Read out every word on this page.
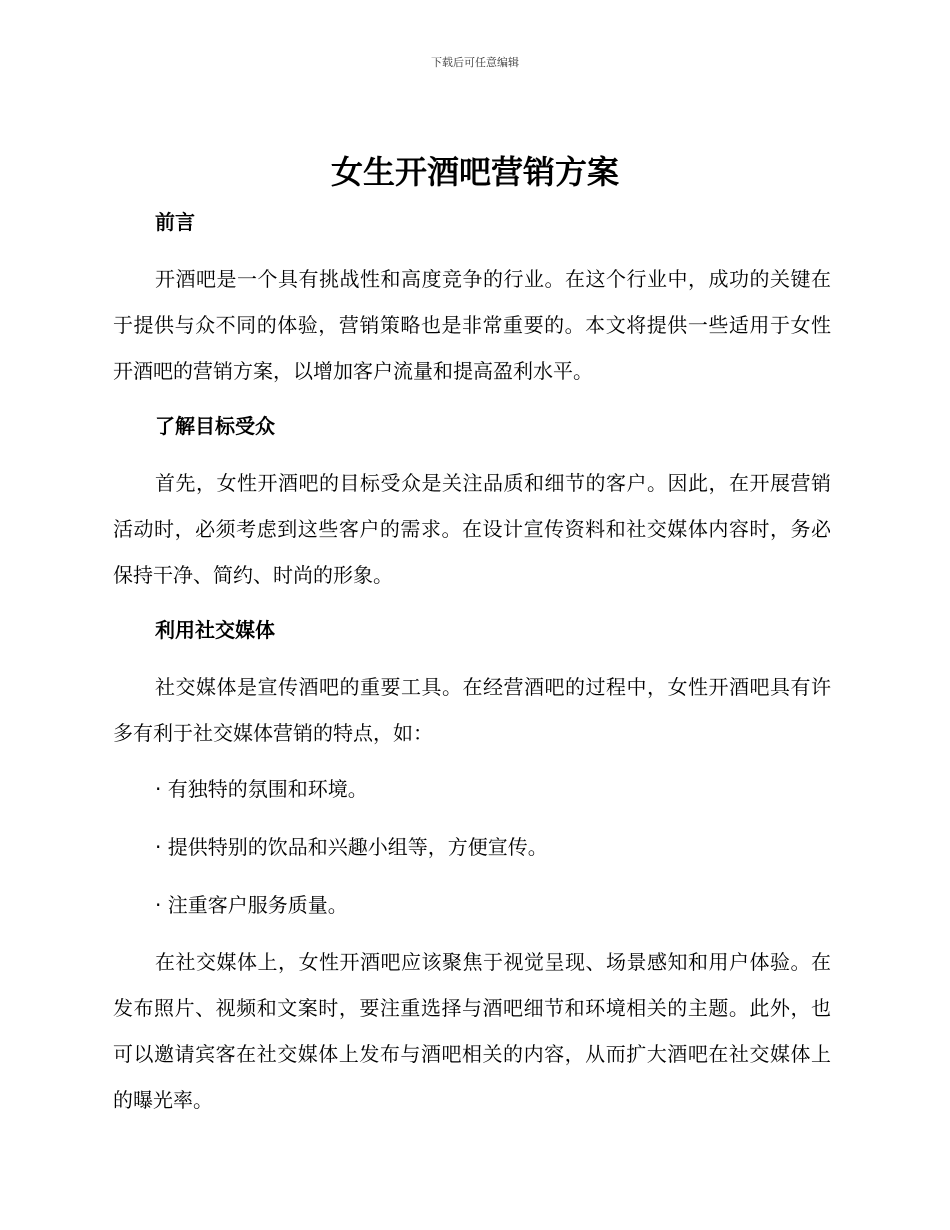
下载后可任意编辑
女生开酒吧营销方案

前言

开酒吧是一个具有挑战性和高度竞争的行业。在这个行业中，成功的关键在于提供与众不同的体验，营销策略也是非常重要的。本文将提供一些适用于女性开酒吧的营销方案，以增加客户流量和提高盈利水平。

了解目标受众

首先，女性开酒吧的目标受众是关注品质和细节的客户。因此，在开展营销活动时，必须考虑到这些客户的需求。在设计宣传资料和社交媒体内容时，务必保持干净、简约、时尚的形象。

利用社交媒体

社交媒体是宣传酒吧的重要工具。在经营酒吧的过程中，女性开酒吧具有许多有利于社交媒体营销的特点，如：

· 有独特的氛围和环境。

· 提供特别的饮品和兴趣小组等，方便宣传。

· 注重客户服务质量。

在社交媒体上，女性开酒吧应该聚焦于视觉呈现、场景感知和用户体验。在发布照片、视频和文案时，要注重选择与酒吧细节和环境相关的主题。此外，也可以邀请宾客在社交媒体上发布与酒吧相关的内容，从而扩大酒吧在社交媒体上的曝光率。
